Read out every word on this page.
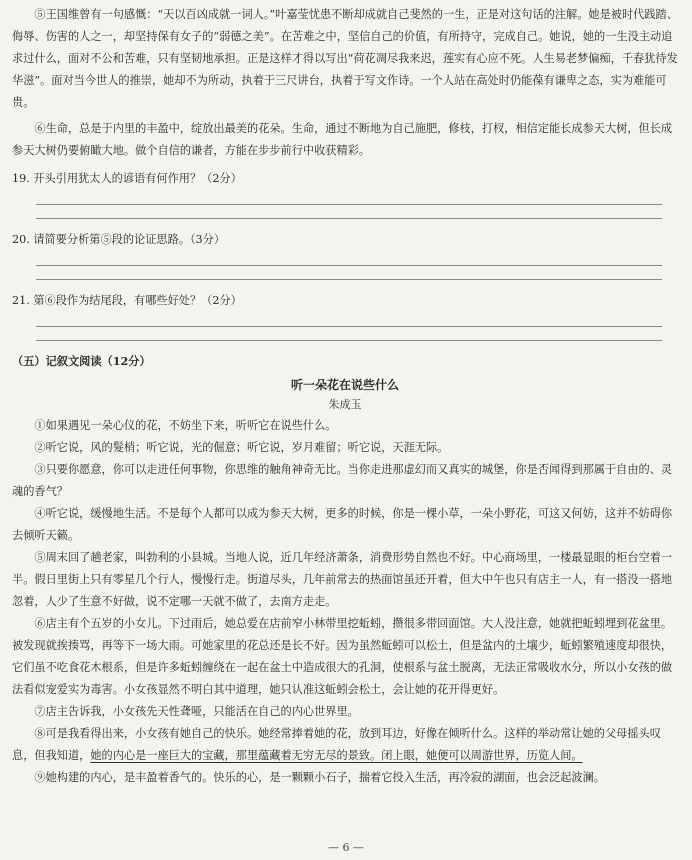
⑤王国维曾有一句感慨：“天以百凶成就一词人。”叶嘉莹忧患不断却成就自己斐然的一生，正是对这句话的注解。她是被时代践踏、侮辱、伤害的人之一，却坚持保有女子的“弱德之美”。在苦难之中，坚信自己的价值，有所持守，完成自己。她说，她的一生没主动追求过什么，面对不公和苦难，只有坚韧地承担。正是这样才得以写出“荷花凋尽我来迟，莲实有心应不死。人生易老梦偏痴，千春犹待发华滋”。面对当今世人的推崇，她却不为所动，执着于三尺讲台，执着于写文作诗。一个人站在高处时仍能葆有谦卑之态，实为难能可贵。

⑥生命，总是于内里的丰盈中，绽放出最美的花朵。生命，通过不断地为自己施肥，修枝，打杈，相信定能长成参天大树，但长成参天大树仍要俯瞰大地。做个自信的谦者，方能在步步前行中收获精彩。

19. 开头引用犹太人的谚语有何作用？（2分）

20. 请简要分析第⑤段的论证思路。（3分）

21. 第⑥段作为结尾段，有哪些好处？（2分）

（五）记叙文阅读（12分）

听一朵花在说些什么

朱成玉

①如果遇见一朵心仪的花，不妨坐下来，听听它在说些什么。

②听它说，风的髮梢；听它说，光的倔意；听它说，岁月难留；听它说，天涯无际。

③只要你愿意，你可以走进任何事物，你思维的触角神奇无比。当你走进那虚幻而又真实的城堡，你是否闻得到那属于自由的、灵魂的香气？

④听它说，缓慢地生活。不是每个人都可以成为参天大树，更多的时候，你是一棵小草，一朵小野花，可这又何妨，这并不妨碍你去倾听天籁。

⑤周末回了趟老家，叫勃利的小县城。当地人说，近几年经济萧条，消费形势自然也不好。中心商场里，一楼最显眼的柜台空着一半。假日里街上只有零星几个行人，慢慢行走。街道尽头，几年前常去的热面馆虽还开着，但大中午也只有店主一人，有一搭没一搭地忽着，人少了生意不好做，说不定哪一天就不做了，去南方走走。

⑥店主有个五岁的小女儿。下过雨后，她总爱在店前窄小林带里挖蚯蚓，攒很多带回面馆。大人没注意，她就把蚯蚓埋到花盆里。被发现就挨揍骂，再等下一场大雨。可她家里的花总还是长不好。因为虽然蚯蚓可以松土，但是盆内的土壤少，蚯蚓繁殖速度却很快，它们虽不吃食花木根系，但是许多蚯蚓缠绕在一起在盆土中造成很大的孔洞，使根系与盆土脱离，无法正常吸收水分，所以小女孩的做法看似宠爱实为毒害。小女孩显然不明白其中道理，她只认准这蚯蚓会松土，会让她的花开得更好。

⑦店主告诉我，小女孩先天性聋哑，只能活在自己的内心世界里。

⑧可是我看得出来，小女孩有她自己的快乐。她经常捧着她的花，放到耳边，好像在倾听什么。这样的举动常让她的父母摇头叹息，但我知道，她的内心是一座巨大的宝藏，那里蕴藏着无穷无尽的景致。闭上眼，她便可以周游世界，历览人间。

⑨她构建的内心，是丰盈着香气的。快乐的心，是一颗颗小石子，揣着它投入生活，再冷寂的湖面，也会泛起波澜。

— 6 —
